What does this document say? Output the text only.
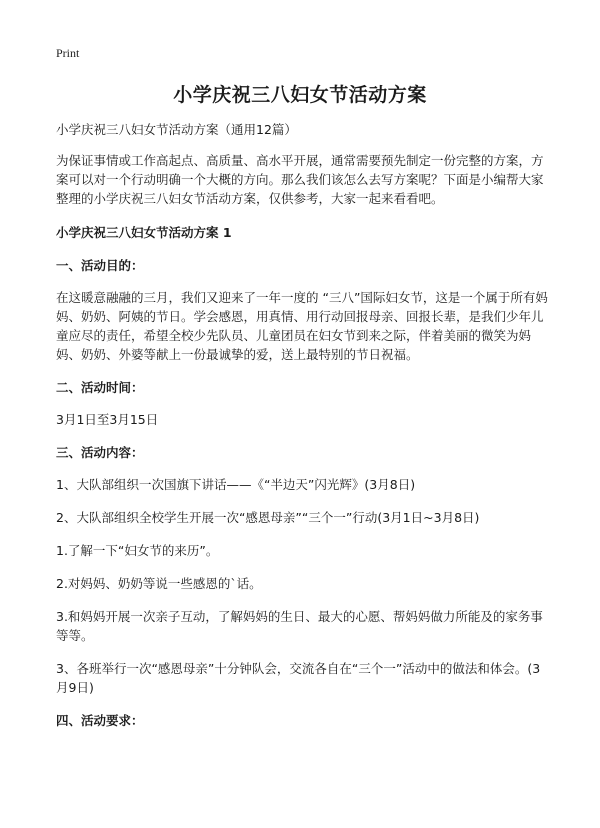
Print
小学庆祝三八妇女节活动方案

小学庆祝三八妇女节活动方案（通用12篇）

为保证事情或工作高起点、高质量、高水平开展，通常需要预先制定一份完整的方案，方案可以对一个行动明确一个大概的方向。那么我们该怎么去写方案呢？下面是小编帮大家整理的小学庆祝三八妇女节活动方案，仅供参考，大家一起来看看吧。

小学庆祝三八妇女节活动方案 1

一、活动目的：

在这暖意融融的三月，我们又迎来了一年一度的 “三八”国际妇女节，这是一个属于所有妈妈、奶奶、阿姨的节日。学会感恩，用真情、用行动回报母亲、回报长辈，是我们少年儿童应尽的责任，希望全校少先队员、儿童团员在妇女节到来之际，伴着美丽的微笑为妈妈、奶奶、外婆等献上一份最诚挚的爱，送上最特别的节日祝福。

二、活动时间：

3月1日至3月15日

三、活动内容：

1、大队部组织一次国旗下讲话——《“半边天”闪光辉》(3月8日)

2、大队部组织全校学生开展一次“感恩母亲”“三个一”行动(3月1日~3月8日)

1.了解一下“妇女节的来历”。

2.对妈妈、奶奶等说一些感恩的`话。

3.和妈妈开展一次亲子互动，了解妈妈的生日、最大的心愿、帮妈妈做力所能及的家务事等等。

3、各班举行一次“感恩母亲”十分钟队会，交流各自在“三个一”活动中的做法和体会。(3月9日)

四、活动要求：
